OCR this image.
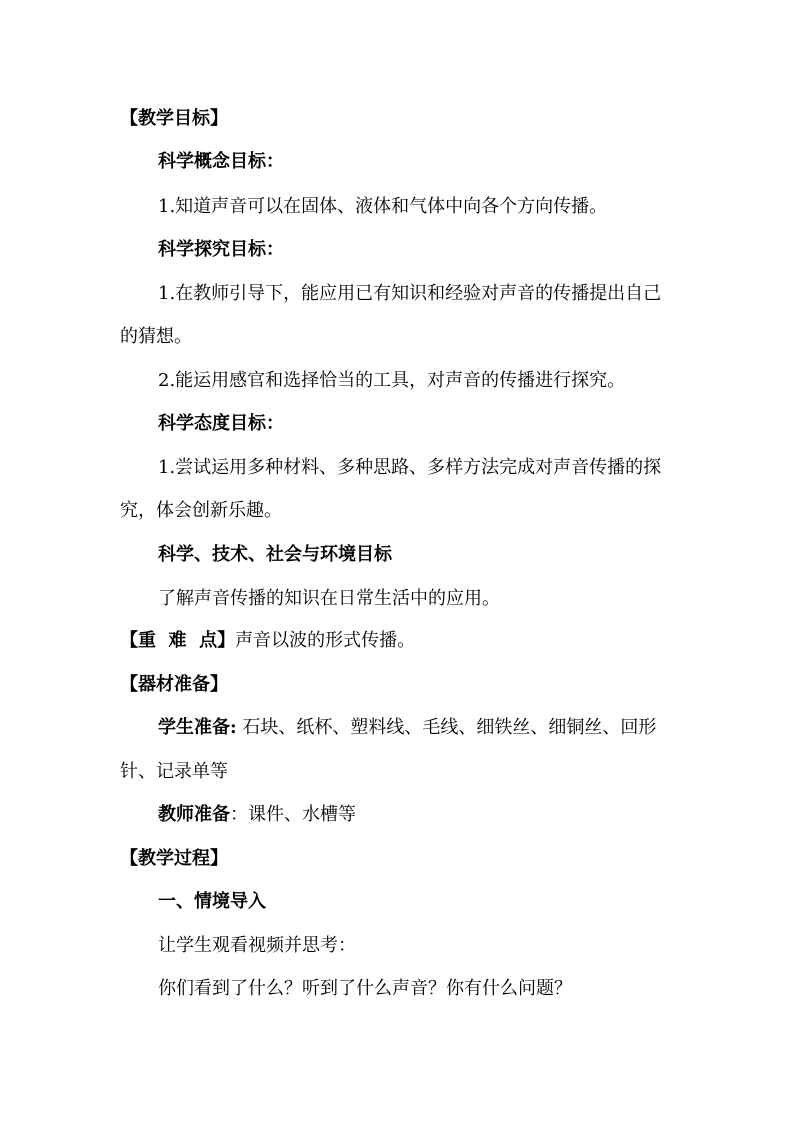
【教学目标】
科学概念目标：
1.知道声音可以在固体、液体和气体中向各个方向传播。
科学探究目标：
1.在教师引导下，能应用已有知识和经验对声音的传播提出自己
的猜想。
2.能运用感官和选择恰当的工具，对声音的传播进行探究。
科学态度目标：
1.尝试运用多种材料、多种思路、多样方法完成对声音传播的探
究，体会创新乐趣。
科学、技术、社会与环境目标
了解声音传播的知识在日常生活中的应用。
【重  难  点】声音以波的形式传播。
【器材准备】
学生准备: 石块、纸杯、塑料线、毛线、细铁丝、细铜丝、回形
针、记录单等
教师准备：课件、水槽等
【教学过程】
一、情境导入
让学生观看视频并思考：
你们看到了什么？听到了什么声音？你有什么问题？
